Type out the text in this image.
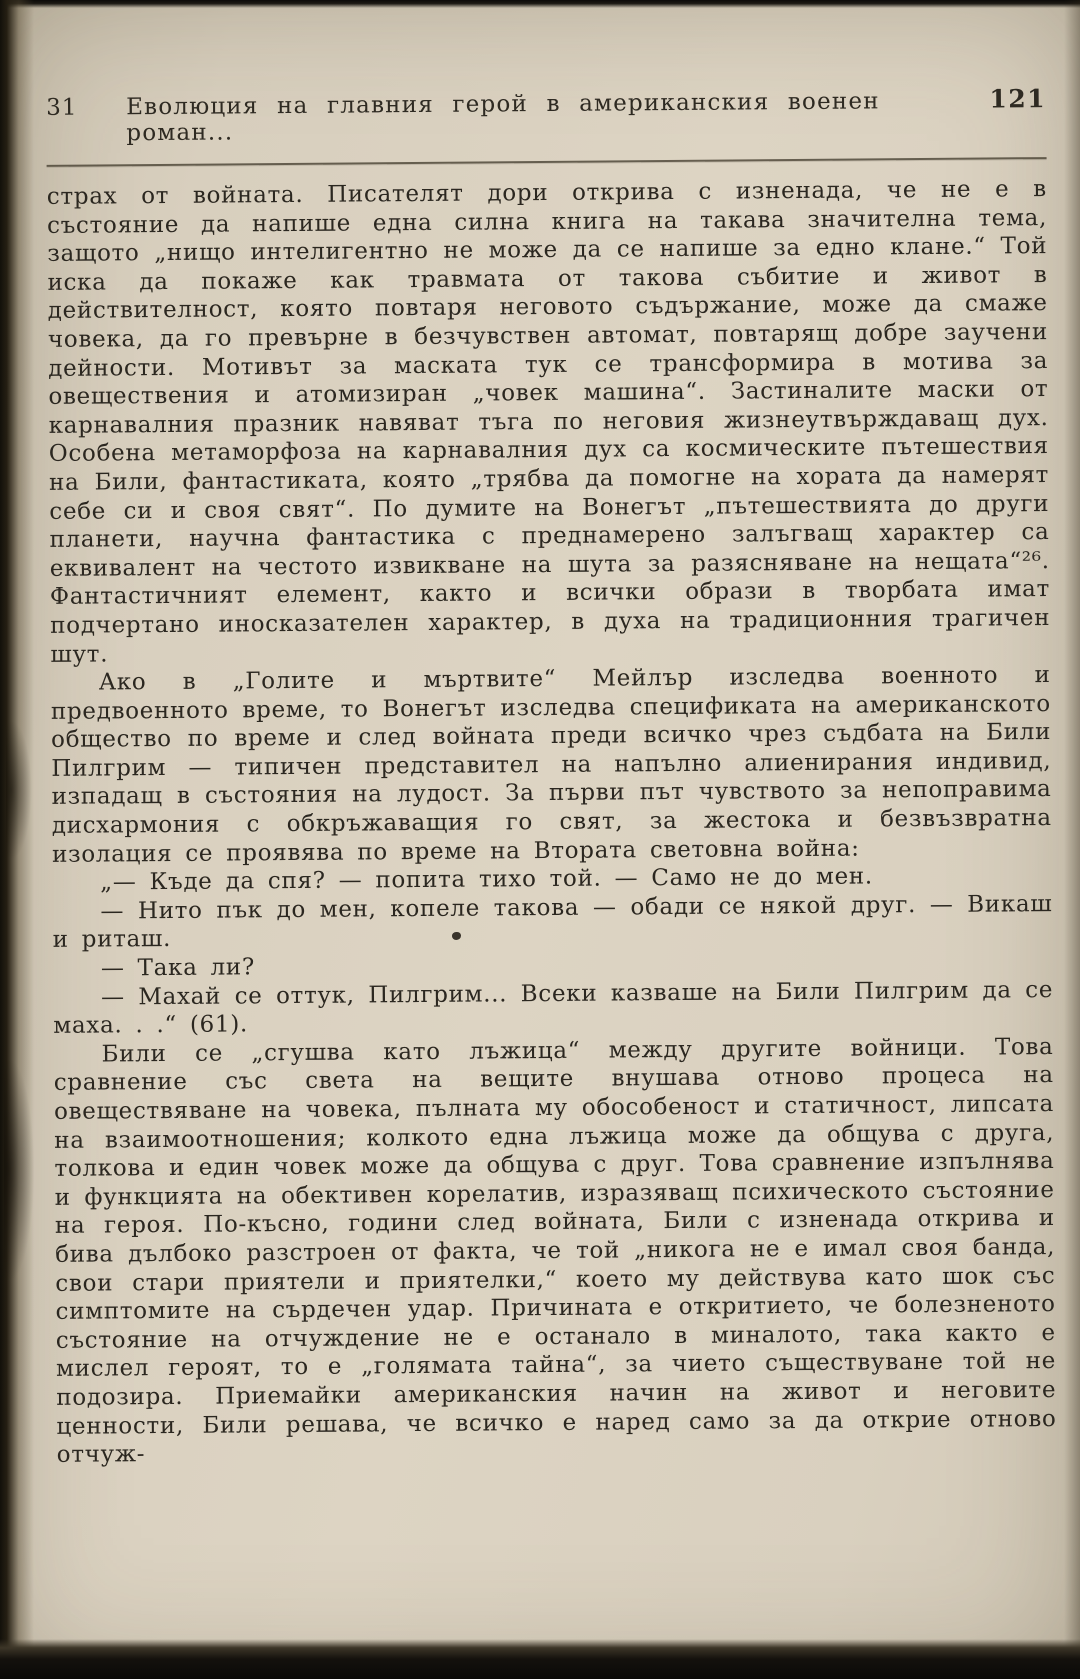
31	Еволюция на главния герой в американския военен роман...
121

страх от войната. Писателят дори открива с изненада, че не е в състояние да напише една силна книга на такава значителна тема, защото „нищо интелигентно не може да се напише за едно клане.“ Той иска да покаже как травмата от такова събитие и живот в действителност, която повтаря неговото съдържание, може да смаже човека, да го превърне в безчувствен автомат, повтарящ добре заучени дейности. Мотивът за маската тук се трансформира в мотива за овеществения и атомизиран „човек машина“. Застиналите маски от карнавалния празник навяват тъга по неговия жизнеутвърждаващ дух. Особена метаморфоза на карнавалния дух са космическите пътешествия на Били, фантастиката, която „трябва да помогне на хората да намерят себе си и своя свят“. По думите на Вонегът „пътешествията до други планети, научна фантастика с преднамерено залъгващ характер са еквивалент на честото извикване на шута за разясняване на нещата“²⁶. Фантастичният елемент, както и всички образи в творбата имат подчертано иносказателен характер, в духа на традиционния трагичен шут.

Ако в „Голите и мъртвите“ Мейлър изследва военното и предвоенното време, то Вонегът изследва спецификата на американското общество по време и след войната преди всичко чрез съдбата на Били Пилгрим — типичен представител на напълно алиенирания индивид, изпадащ в състояния на лудост. За първи път чувството за непоправима дисхармония с обкръжаващия го свят, за жестока и безвъзвратна изолация се проявява по време на Втората световна война:

„— Къде да спя? — попита тихо той. — Само не до мен.

— Нито пък до мен, копеле такова — обади се някой друг. — Викаш и риташ.

— Така ли?

— Махай се оттук, Пилгрим... Всеки казваше на Били Пилгрим да се маха. . .“ (61).

Били се „сгушва като лъжица“ между другите войници. Това сравнение със света на вещите внушава отново процеса на овеществяване на човека, пълната му обособеност и статичност, липсата на взаимоотношения; колкото една лъжица може да общува с друга, толкова и един човек може да общува с друг. Това сравнение изпълнява и функцията на обективен корелатив, изразяващ психическото състояние на героя. По-късно, години след войната, Били с изненада открива и бива дълбоко разстроен от факта, че той „никога не е имал своя банда, свои стари приятели и приятелки,“ което му действува като шок със симптомите на сърдечен удар. Причината е откритието, че болезненото състояние на отчуждение не е останало в миналото, така както е мислел героят, то е „голямата тайна“, за чието съществуване той не подозира. Приемайки американския начин на живот и неговите ценности, Били решава, че всичко е наред само за да открие отново отчуж-
